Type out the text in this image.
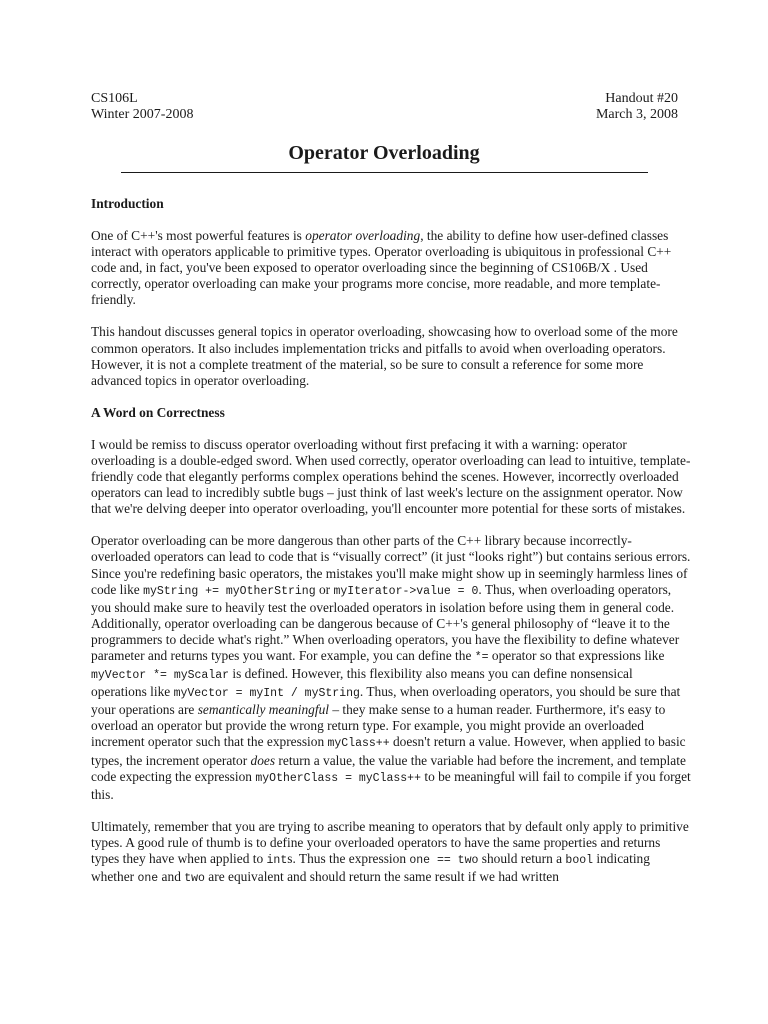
CS106L
Winter 2007-2008
Handout #20
March 3, 2008
Operator Overloading
Introduction

One of C++'s most powerful features is operator overloading, the ability to define how user-defined classes interact with operators applicable to primitive types. Operator overloading is ubiquitous in professional C++ code and, in fact, you've been exposed to operator overloading since the beginning of CS106B/X . Used correctly, operator overloading can make your programs more concise, more readable, and more template-friendly.

This handout discusses general topics in operator overloading, showcasing how to overload some of the more common operators. It also includes implementation tricks and pitfalls to avoid when overloading operators. However, it is not a complete treatment of the material, so be sure to consult a reference for some more advanced topics in operator overloading.

A Word on Correctness

I would be remiss to discuss operator overloading without first prefacing it with a warning: operator overloading is a double-edged sword. When used correctly, operator overloading can lead to intuitive, template-friendly code that elegantly performs complex operations behind the scenes. However, incorrectly overloaded operators can lead to incredibly subtle bugs – just think of last week's lecture on the assignment operator. Now that we're delving deeper into operator overloading, you'll encounter more potential for these sorts of mistakes.

Operator overloading can be more dangerous than other parts of the C++ library because incorrectly-overloaded operators can lead to code that is “visually correct” (it just “looks right”) but contains serious errors. Since you're redefining basic operators, the mistakes you'll make might show up in seemingly harmless lines of code like myString += myOtherString or myIterator->value = 0. Thus, when overloading operators, you should make sure to heavily test the overloaded operators in isolation before using them in general code. Additionally, operator overloading can be dangerous because of C++'s general philosophy of “leave it to the programmers to decide what's right.” When overloading operators, you have the flexibility to define whatever parameter and returns types you want. For example, you can define the *= operator so that expressions like myVector *= myScalar is defined. However, this flexibility also means you can define nonsensical operations like myVector = myInt / myString. Thus, when overloading operators, you should be sure that your operations are semantically meaningful – they make sense to a human reader. Furthermore, it's easy to overload an operator but provide the wrong return type. For example, you might provide an overloaded increment operator such that the expression myClass++ doesn't return a value. However, when applied to basic types, the increment operator does return a value, the value the variable had before the increment, and template code expecting the expression myOtherClass = myClass++ to be meaningful will fail to compile if you forget this.

Ultimately, remember that you are trying to ascribe meaning to operators that by default only apply to primitive types. A good rule of thumb is to define your overloaded operators to have the same properties and returns types they have when applied to ints. Thus the expression one == two should return a bool indicating whether one and two are equivalent and should return the same result if we had written
